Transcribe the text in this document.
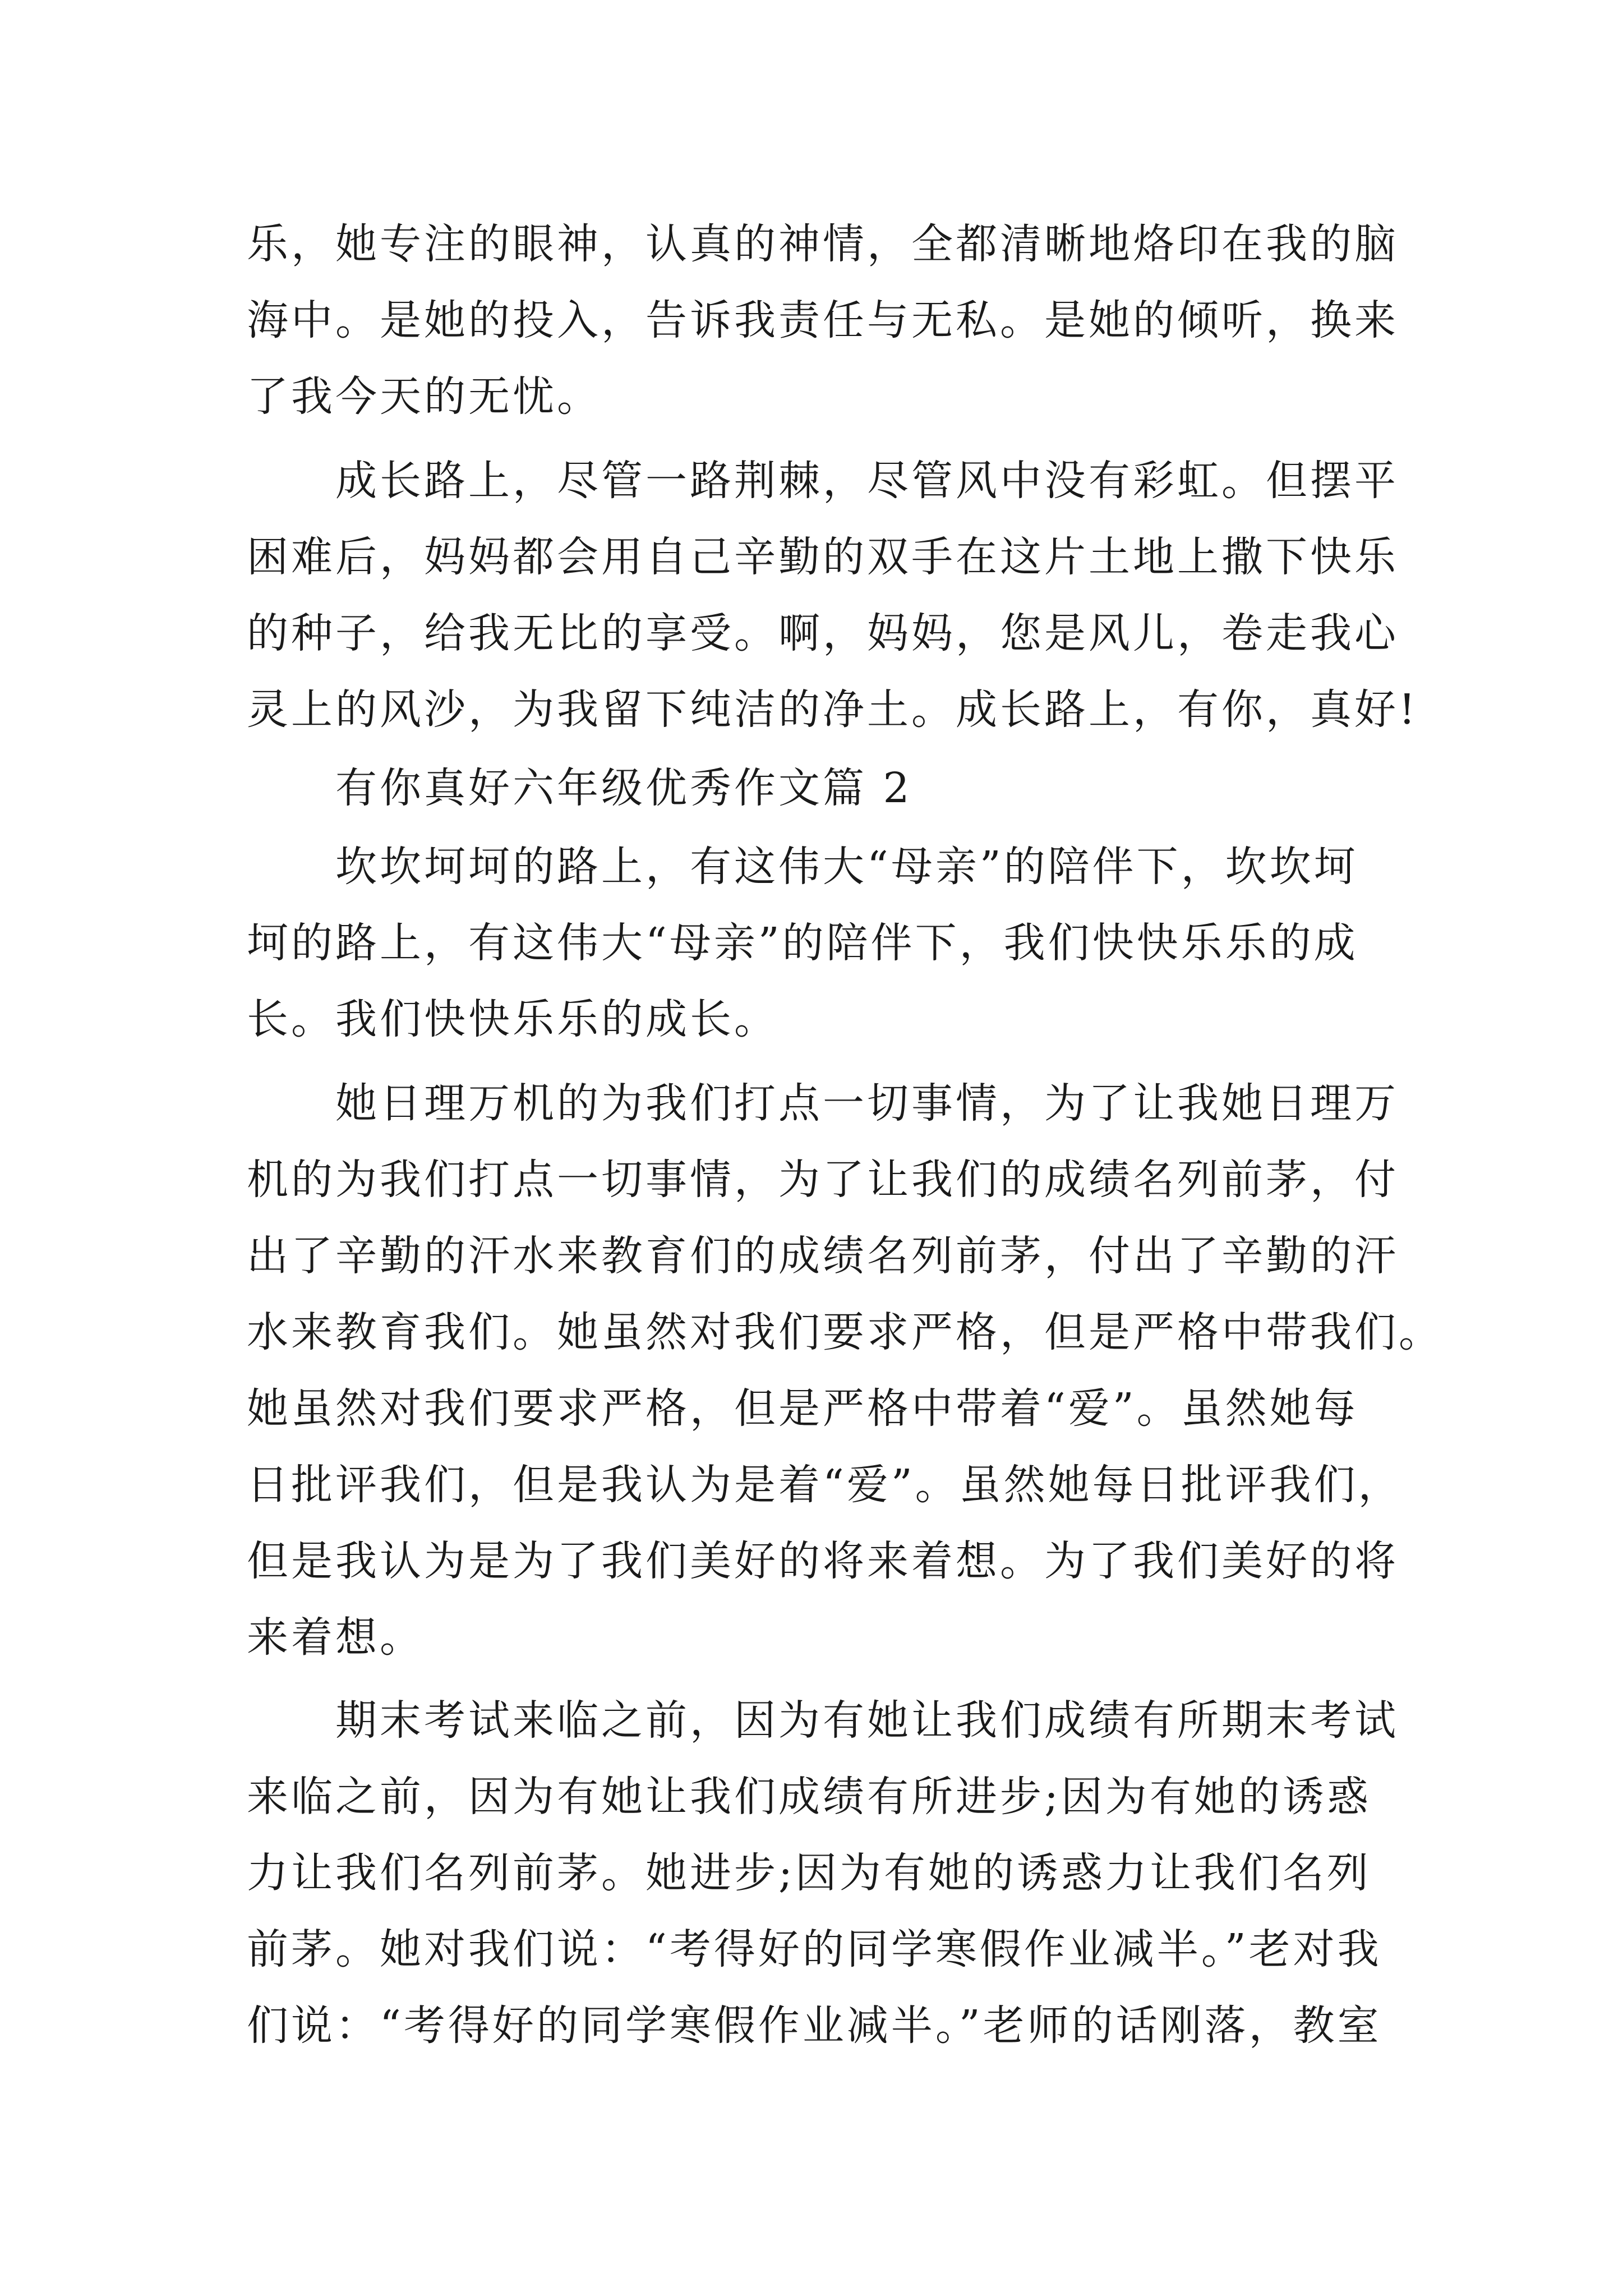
乐，她专注的眼神，认真的神情，全都清晰地烙印在我的脑
海中。是她的投入，告诉我责任与无私。是她的倾听，换来
了我今天的无忧。
成长路上，尽管一路荆棘，尽管风中没有彩虹。但摆平
困难后，妈妈都会用自己辛勤的双手在这片土地上撒下快乐
的种子，给我无比的享受。啊，妈妈，您是风儿，卷走我心
灵上的风沙，为我留下纯洁的净土。成长路上，有你，真好!
有你真好六年级优秀作文篇 2
坎坎坷坷的路上，有这伟大“母亲”的陪伴下，坎坎坷
坷的路上，有这伟大“母亲”的陪伴下，我们快快乐乐的成
长。我们快快乐乐的成长。
她日理万机的为我们打点一切事情，为了让我她日理万
机的为我们打点一切事情，为了让我们的成绩名列前茅，付
出了辛勤的汗水来教育们的成绩名列前茅，付出了辛勤的汗
水来教育我们。她虽然对我们要求严格，但是严格中带我们。
她虽然对我们要求严格，但是严格中带着“爱”。虽然她每
日批评我们，但是我认为是着“爱”。虽然她每日批评我们，
但是我认为是为了我们美好的将来着想。为了我们美好的将
来着想。
期末考试来临之前，因为有她让我们成绩有所期末考试
来临之前，因为有她让我们成绩有所进步;因为有她的诱惑
力让我们名列前茅。她进步;因为有她的诱惑力让我们名列
前茅。她对我们说：“考得好的同学寒假作业减半。”老对我
们说：“考得好的同学寒假作业减半。”老师的话刚落，教室
